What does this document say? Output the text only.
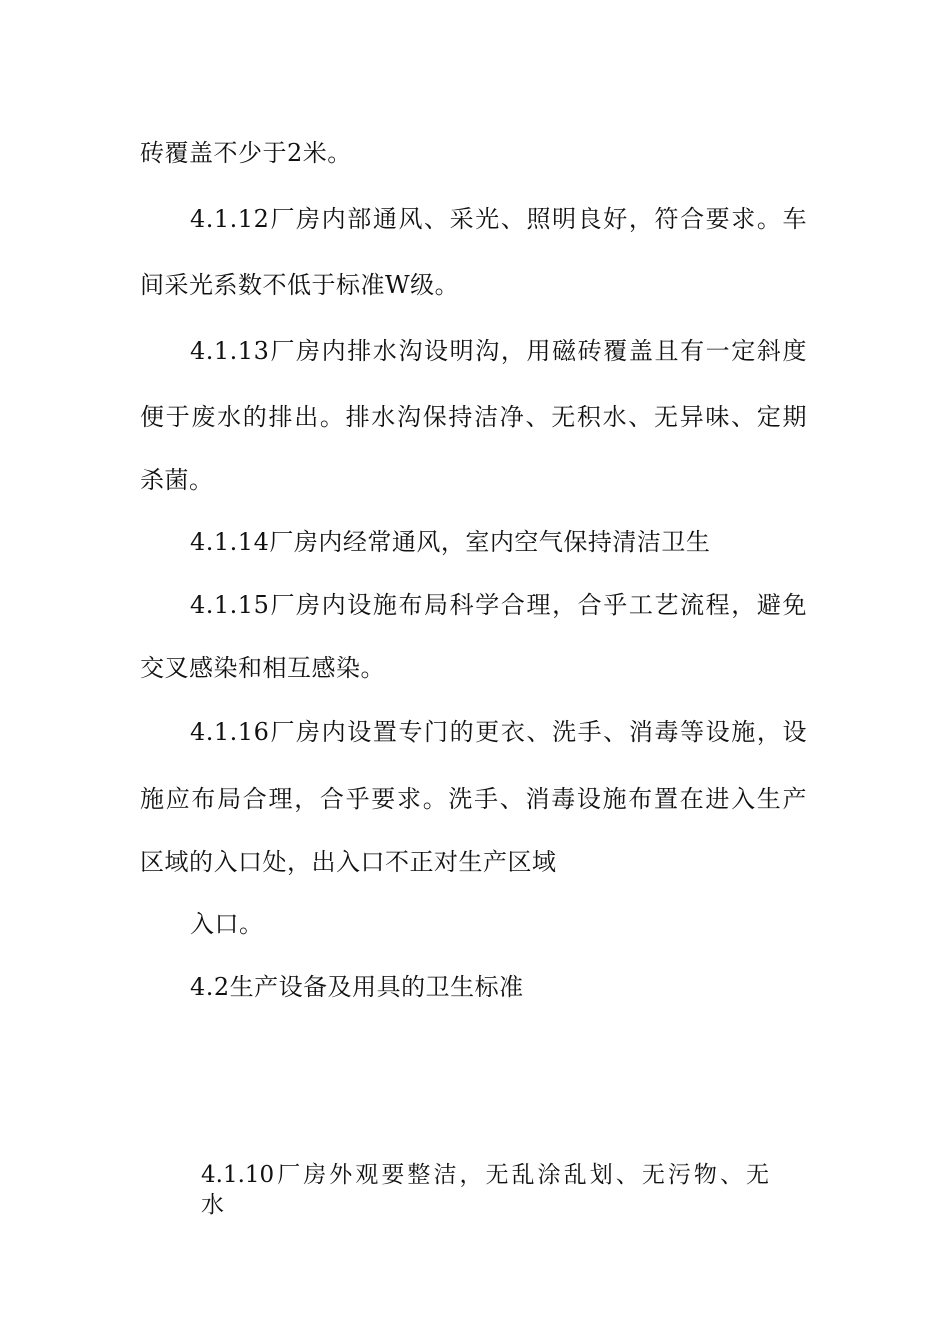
砖覆盖不少于2米。

4.1.12厂房内部通风、采光、照明良好，符合要求。车

间采光系数不低于标准W级。

4.1.13厂房内排水沟设明沟，用磁砖覆盖且有一定斜度

便于废水的排出。排水沟保持洁净、无积水、无异味、定期

杀菌。

4.1.14厂房内经常通风，室内空气保持清洁卫生

4.1.15厂房内设施布局科学合理，合乎工艺流程，避免

交叉感染和相互感染。

4.1.16厂房内设置专门的更衣、洗手、消毒等设施，设

施应布局合理，合乎要求。洗手、消毒设施布置在进入生产

区域的入口处，出入口不正对生产区域

入口。

4.2生产设备及用具的卫生标准

4.1.10厂房外观要整洁，无乱涂乱划、无污物、无

水
